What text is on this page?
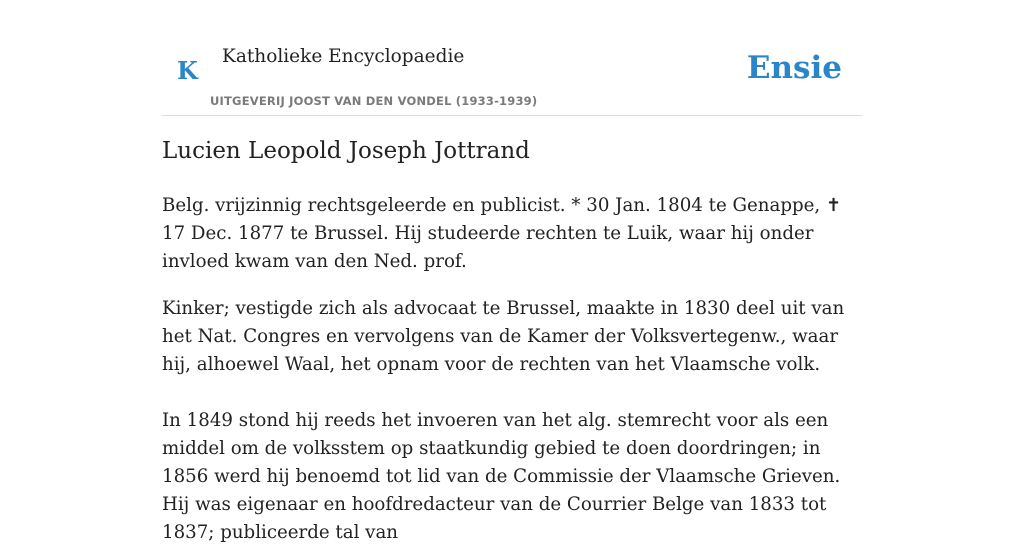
K Katholieke Encyclopaedie
UITGEVERIJ JOOST VAN DEN VONDEL (1933-1939)
Ensie
Lucien Leopold Joseph Jottrand

Belg. vrijzinnig rechtsgeleerde en publicist. * 30 Jan. 1804 te Genappe, ✝ 17 Dec. 1877 te Brussel. Hij studeerde rechten te Luik, waar hij onder invloed kwam van den Ned. prof.

Kinker; vestigde zich als advocaat te Brussel, maakte in 1830 deel uit van het Nat. Congres en vervolgens van de Kamer der Volksvertegenw., waar hij, alhoewel Waal, het opnam voor de rechten van het Vlaamsche volk.

In 1849 stond hij reeds het invoeren van het alg. stemrecht voor als een middel om de volksstem op staatkundig gebied te doen doordringen; in 1856 werd hij benoemd tot lid van de Commissie der Vlaamsche Grieven. Hij was eigenaar en hoofdredacteur van de Courrier Belge van 1833 tot 1837; publiceerde tal van
